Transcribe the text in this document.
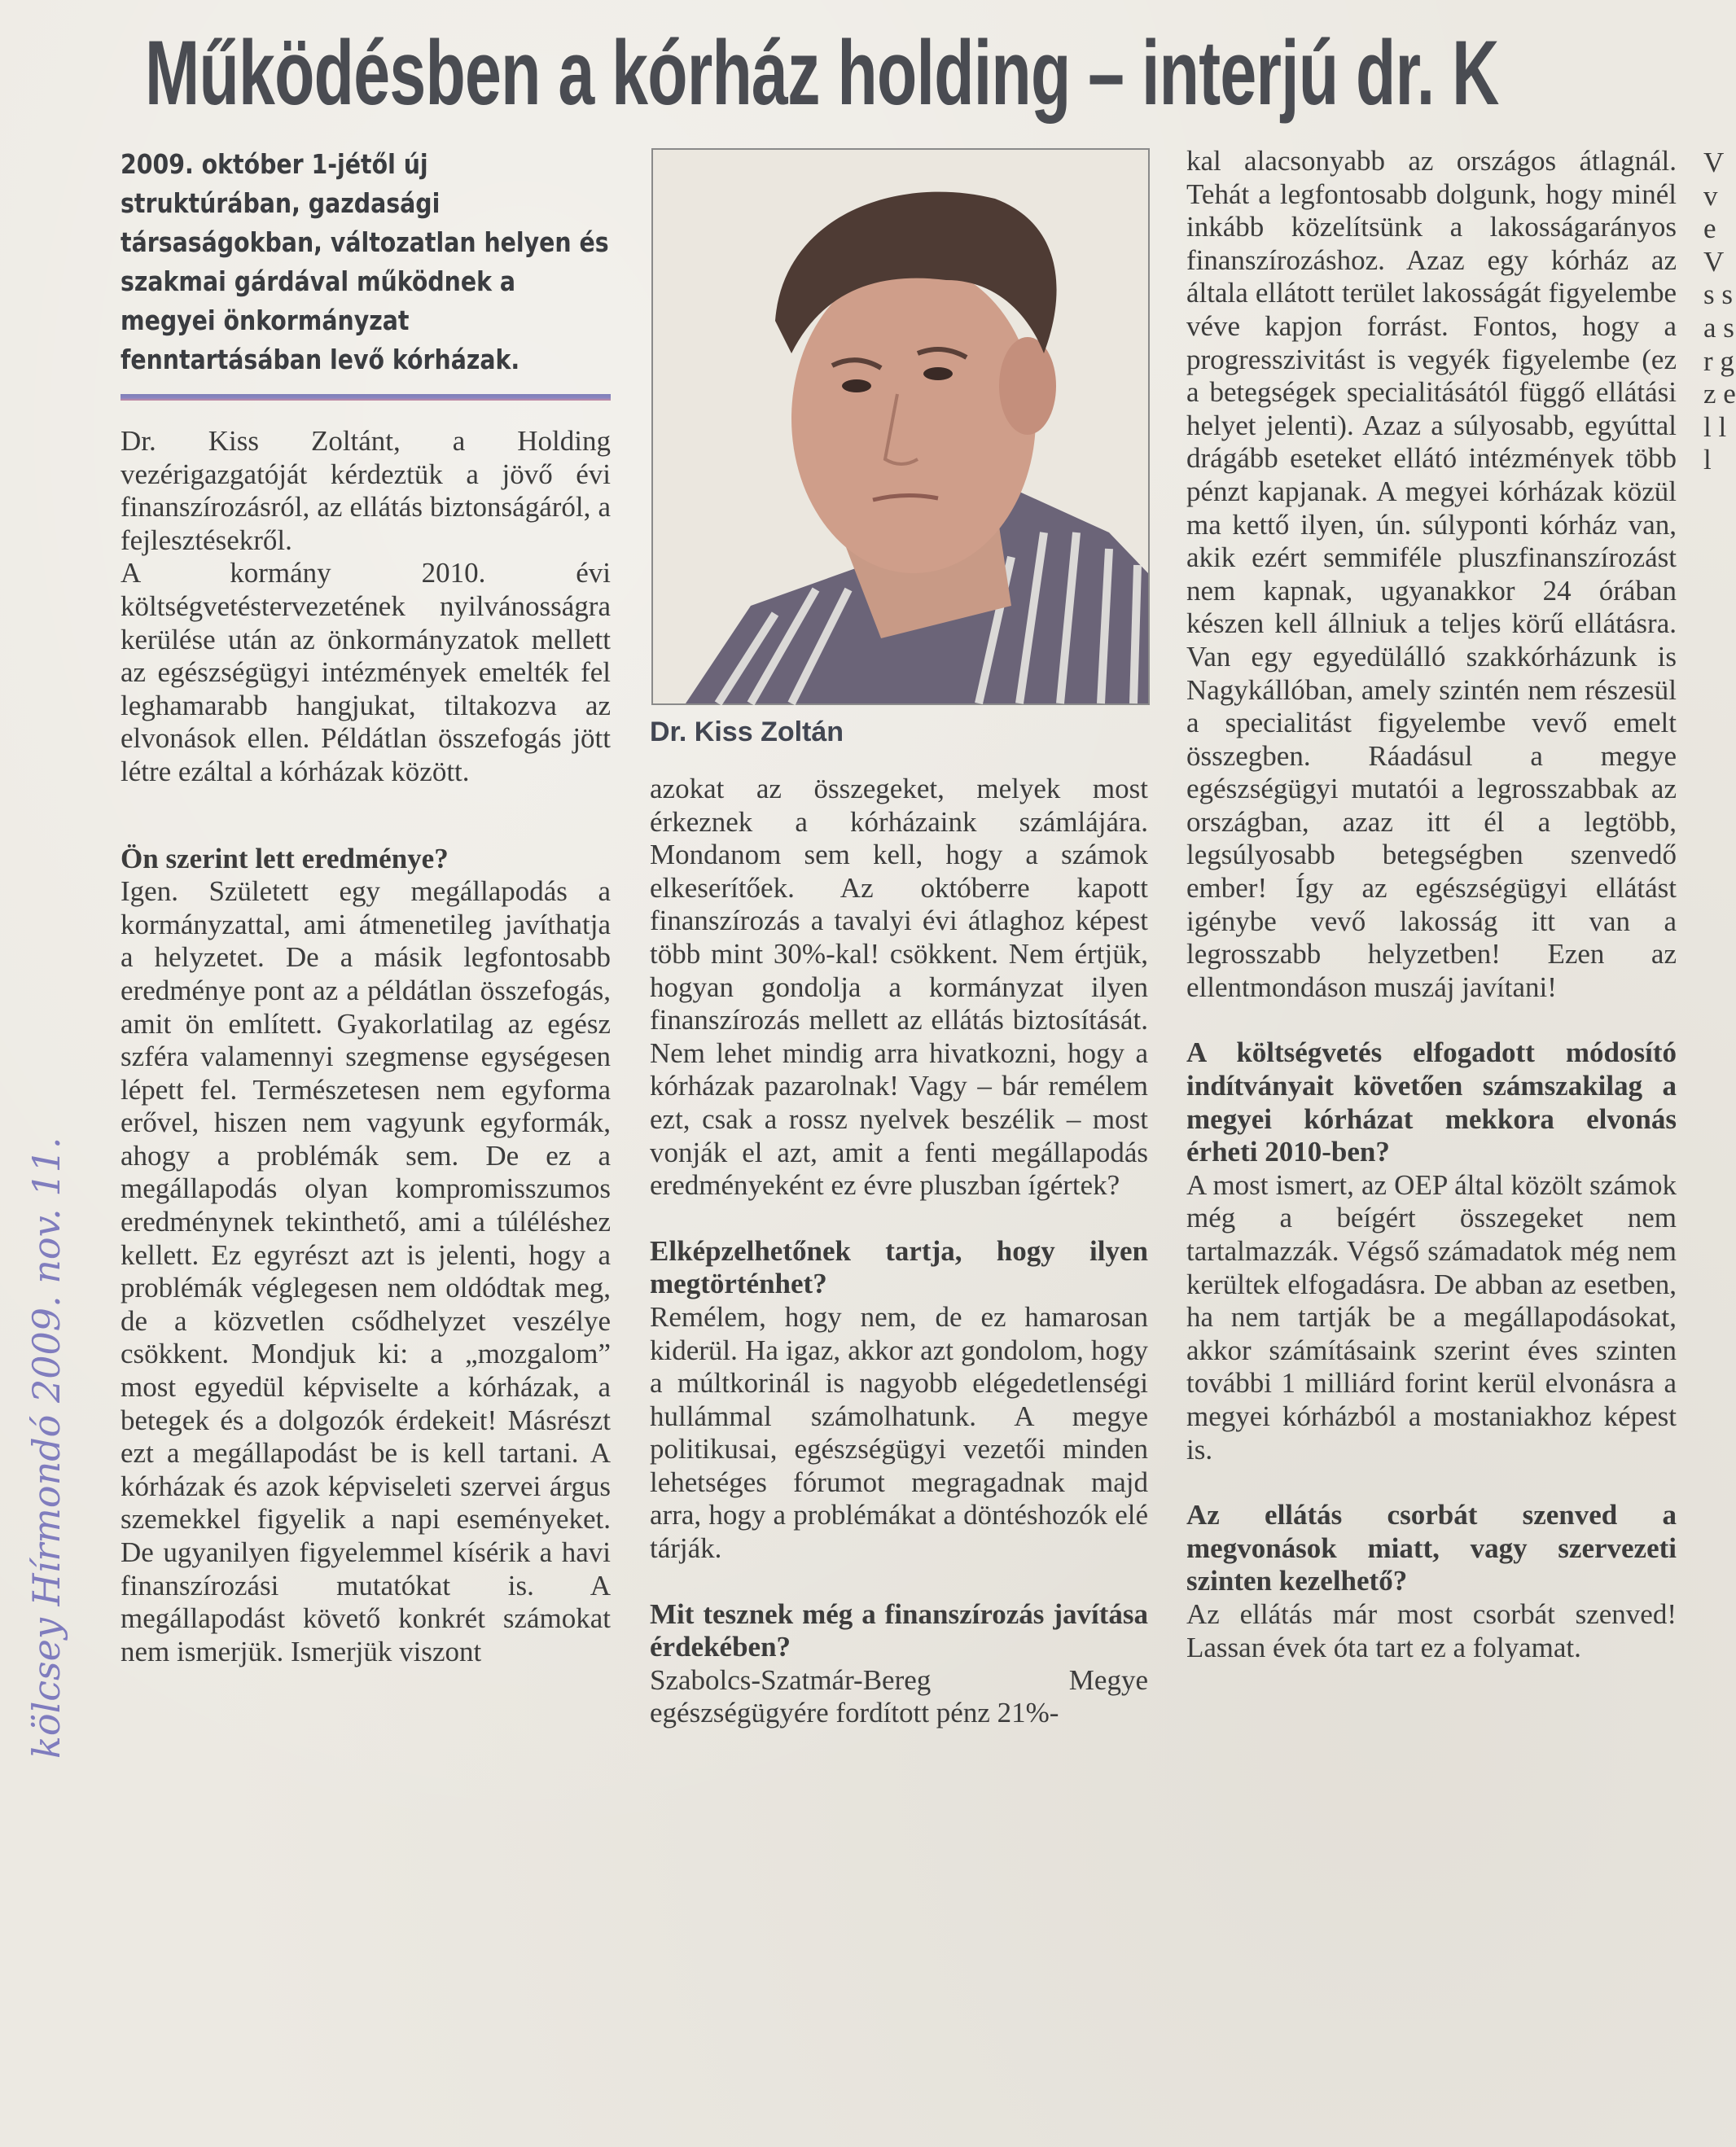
Működésben a kórház holding – interjú dr. K
2009. október 1-jétől új struktúrában, gazdasági társaságokban, változatlan helyen és szakmai gárdával működnek a megyei önkormányzat fenntartásában levő kórházak.

Dr. Kiss Zoltánt, a Holding vezérigazgatóját kérdeztük a jövő évi finanszírozásról, az ellátás biztonságáról, a fejlesztésekről.

A kormány 2010. évi költségvetéstervezetének nyilvánosságra kerülése után az önkormányzatok mellett az egészségügyi intézmények emelték fel leghamarabb hangjukat, tiltakozva az elvonások ellen. Példátlan összefogás jött létre ezáltal a kórházak között.

Ön szerint lett eredménye?

Igen. Született egy megállapodás a kormányzattal, ami átmenetileg javíthatja a helyzetet. De a másik legfontosabb eredménye pont az a példátlan összefogás, amit ön említett. Gyakorlatilag az egész szféra valamennyi szegmense egységesen lépett fel. Természetesen nem egyforma erővel, hiszen nem vagyunk egyformák, ahogy a problémák sem. De ez a megállapodás olyan kompromisszumos eredménynek tekinthető, ami a túléléshez kellett. Ez egyrészt azt is jelenti, hogy a problémák véglegesen nem oldódtak meg, de a közvetlen csődhelyzet veszélye csökkent. Mondjuk ki: a „mozgalom” most egyedül képviselte a kórházak, a betegek és a dolgozók érdekeit! Másrészt ezt a megállapodást be is kell tartani. A kórházak és azok képviseleti szervei árgus szemekkel figyelik a napi eseményeket. De ugyanilyen figyelemmel kísérik a havi finanszírozási mutatókat is. A megállapodást követő konkrét számokat nem ismerjük. Ismerjük viszont

Dr. Kiss Zoltán

azokat az összegeket, melyek most érkeznek a kórházaink számlájára. Mondanom sem kell, hogy a számok elkeserítőek. Az októberre kapott finanszírozás a tavalyi évi átlaghoz képest több mint 30%-kal! csökkent. Nem értjük, hogyan gondolja a kormányzat ilyen finanszírozás mellett az ellátás biztosítását. Nem lehet mindig arra hivatkozni, hogy a kórházak pazarolnak! Vagy – bár remélem ezt, csak a rossz nyelvek beszélik – most vonják el azt, amit a fenti megállapodás eredményeként ez évre pluszban ígértek?

Elképzelhetőnek tartja, hogy ilyen megtörténhet?

Remélem, hogy nem, de ez hamarosan kiderül. Ha igaz, akkor azt gondolom, hogy a múltkorinál is nagyobb elégedetlenségi hullámmal számolhatunk. A megye politikusai, egészségügyi vezetői minden lehetséges fórumot megragadnak majd arra, hogy a problémákat a döntéshozók elé tárják.

Mit tesznek még a finanszírozás javítása érdekében?

Szabolcs-Szatmár-Bereg Megye egészségügyére fordított pénz 21%-

kal alacsonyabb az országos átlagnál. Tehát a legfontosabb dolgunk, hogy minél inkább közelítsünk a lakosságarányos finanszírozáshoz. Azaz egy kórház az általa ellátott terület lakosságát figyelembe véve kapjon forrást. Fontos, hogy a progresszivitást is vegyék figyelembe (ez a betegségek specialitásától függő ellátási helyet jelenti). Azaz a súlyosabb, egyúttal drágább eseteket ellátó intézmények több pénzt kapjanak. A megyei kórházak közül ma kettő ilyen, ún. súlyponti kórház van, akik ezért semmiféle pluszfinanszírozást nem kapnak, ugyanakkor 24 órában készen kell állniuk a teljes körű ellátásra. Van egy egyedülálló szakkórházunk is Nagykállóban, amely szintén nem részesül a specialitást figyelembe vevő emelt összegben. Ráadásul a megye egészségügyi mutatói a legrosszabbak az országban, azaz itt él a legtöbb, legsúlyosabb betegségben szenvedő ember! Így az egészségügyi ellátást igénybe vevő lakosság itt van a legrosszabb helyzetben! Ezen az ellentmondáson muszáj javítani!

A költségvetés elfogadott módosító indítványait követően számszakilag a megyei kórházat mekkora elvonás érheti 2010-ben?

A most ismert, az OEP által közölt számok még a beígért összegeket nem tartalmazzák. Végső számadatok még nem kerültek elfogadásra. De abban az esetben, ha nem tartják be a megállapodásokat, akkor számításaink szerint éves szinten további 1 milliárd forint kerül elvonásra a megyei kórházból a mostaniakhoz képest is.

Az ellátás csorbát szenved a megvonások miatt, vagy szervezeti szinten kezelhető?

Az ellátás már most csorbát szenved! Lassan évek óta tart ez a folyamat.

V v e V s s a s r g z e l l l
kölcsey Hírmondó 2009. nov. 11.
